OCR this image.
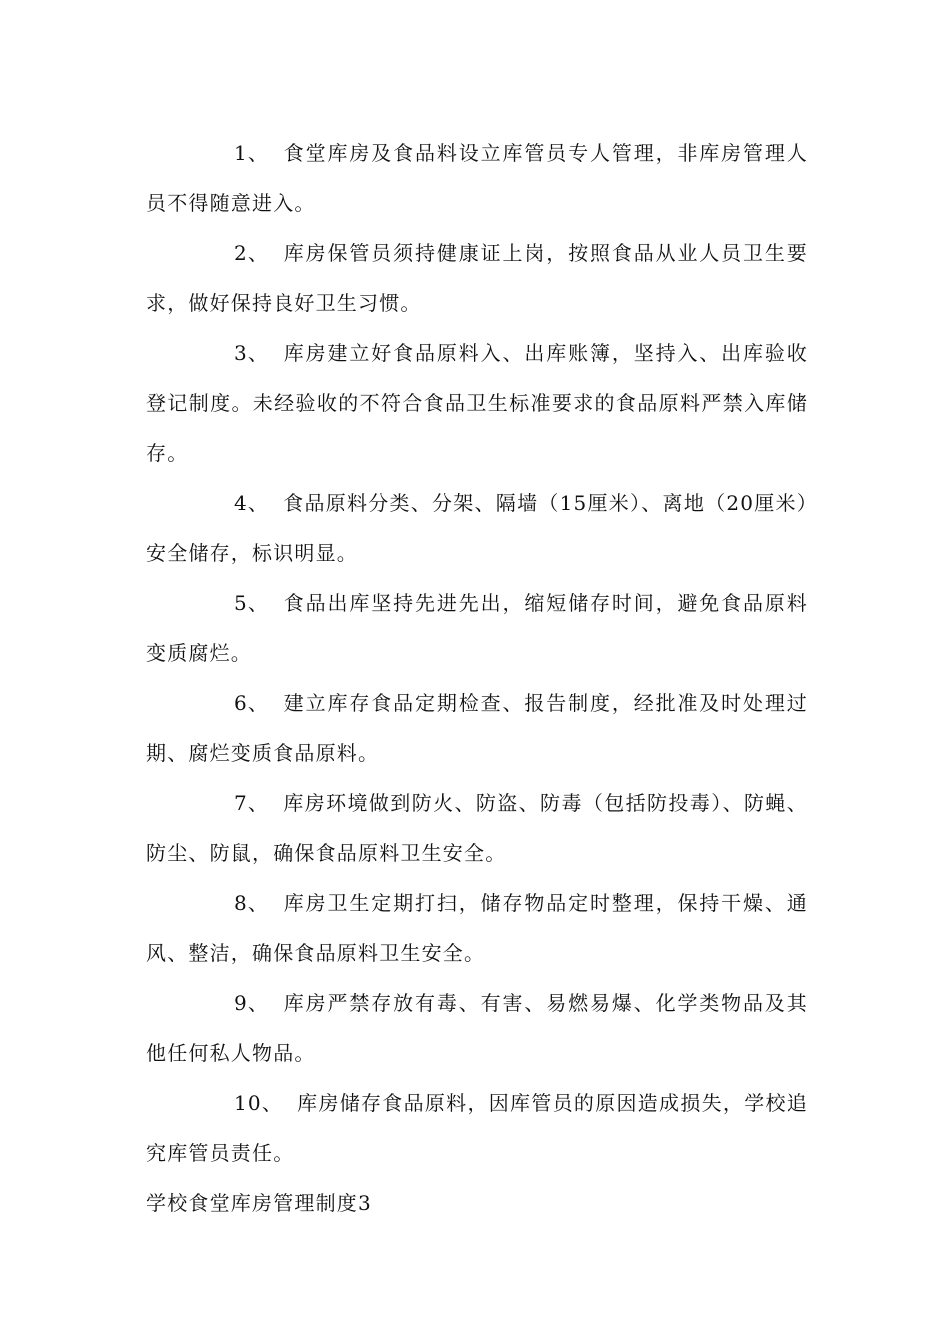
1、 食堂库房及食品料设立库管员专人管理，非库房管理人员不得随意进入。

2、 库房保管员须持健康证上岗，按照食品从业人员卫生要求，做好保持良好卫生习惯。

3、 库房建立好食品原料入、出库账簿，坚持入、出库验收登记制度。未经验收的不符合食品卫生标准要求的食品原料严禁入库储存。

4、 食品原料分类、分架、隔墙（15厘米）、离地（20厘米）安全储存，标识明显。

5、 食品出库坚持先进先出，缩短储存时间，避免食品原料变质腐烂。

6、 建立库存食品定期检查、报告制度，经批准及时处理过期、腐烂变质食品原料。

7、 库房环境做到防火、防盗、防毒（包括防投毒）、防蝇、防尘、防鼠，确保食品原料卫生安全。

8、 库房卫生定期打扫，储存物品定时整理，保持干燥、通风、整洁，确保食品原料卫生安全。

9、 库房严禁存放有毒、有害、易燃易爆、化学类物品及其他任何私人物品。

10、 库房储存食品原料，因库管员的原因造成损失，学校追究库管员责任。

学校食堂库房管理制度3
